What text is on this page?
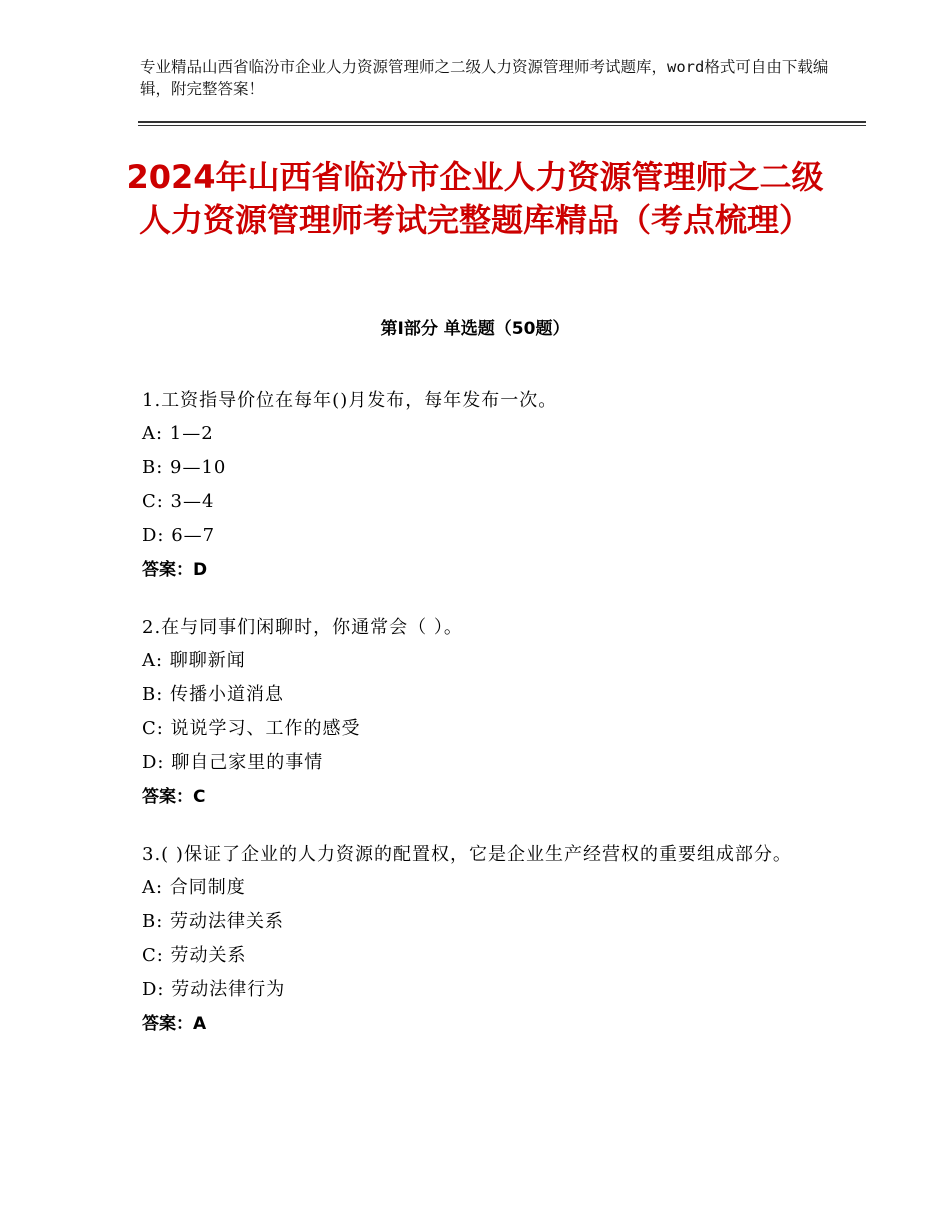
专业精品山西省临汾市企业人力资源管理师之二级人力资源管理师考试题库，word格式可自由下载编辑，附完整答案！
2024年山西省临汾市企业人力资源管理师之二级人力资源管理师考试完整题库精品（考点梳理）
第Ⅰ部分 单选题（50题）
1.工资指导价位在每年()月发布，每年发布一次。
A: 1—2
B: 9—10
C: 3—4
D: 6—7
答案：D
2.在与同事们闲聊时，你通常会（ ）。
A: 聊聊新闻
B: 传播小道消息
C: 说说学习、工作的感受
D: 聊自己家里的事情
答案：C
3.( )保证了企业的人力资源的配置权，它是企业生产经营权的重要组成部分。
A: 合同制度
B: 劳动法律关系
C: 劳动关系
D: 劳动法律行为
答案：A
